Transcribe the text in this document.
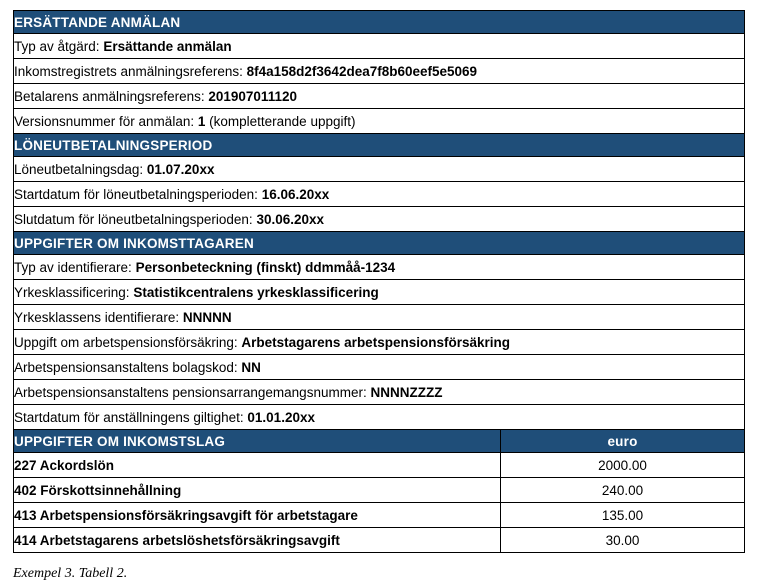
ERSÄTTANDE ANMÄLAN	
Typ av åtgärd: Ersättande anmälan	
Inkomstregistrets anmälningsreferens: 8f4a158d2f3642dea7f8b60eef5e5069	
Betalarens anmälningsreferens: 201907011120	
Versionsnummer för anmälan: 1 (kompletterande uppgift)	
LÖNEUTBETALNINGSPERIOD	
Löneutbetalningsdag: 01.07.20xx	
Startdatum för löneutbetalningsperioden: 16.06.20xx	
Slutdatum för löneutbetalningsperioden: 30.06.20xx	
UPPGIFTER OM INKOMSTTAGAREN	
Typ av identifierare: Personbeteckning (finskt) ddmmåå-1234	
Yrkesklassificering: Statistikcentralens yrkesklassificering	
Yrkesklassens identifierare: NNNNN	
Uppgift om arbetspensionsförsäkring: Arbetstagarens arbetspensionsförsäkring	
Arbetspensionsanstaltens bolagskod: NN	
Arbetspensionsanstaltens pensionsarrangemangsnummer: NNNNZZZZ	
Startdatum för anställningens giltighet: 01.01.20xx	
UPPGIFTER OM INKOMSTSLAG	euro
227 Ackordslön	2000.00
402 Förskottsinnehållning	240.00
413 Arbetspensionsförsäkringsavgift för arbetstagare	135.00
414 Arbetstagarens arbetslöshetsförsäkringsavgift	30.00
Exempel 3. Tabell 2.
